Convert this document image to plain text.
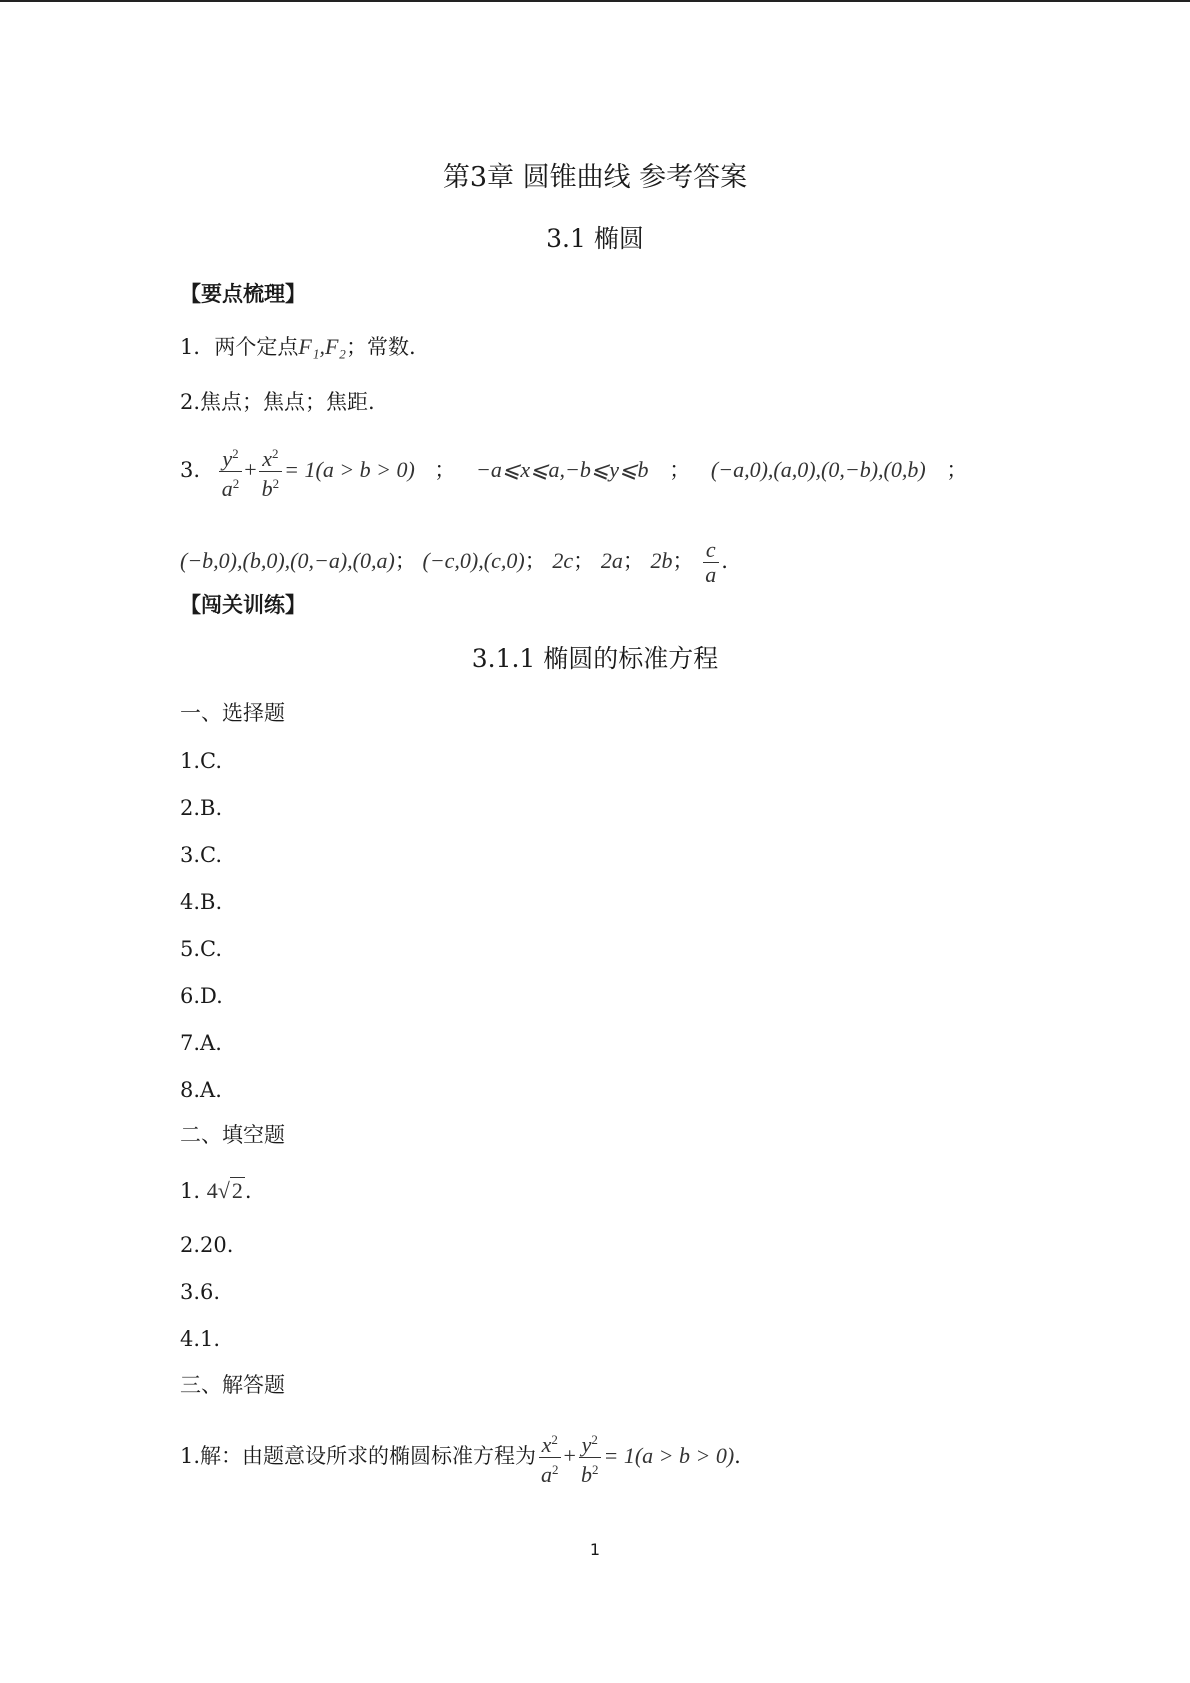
第3章 圆锥曲线 参考答案
3.1 椭圆
【要点梳理】
1．两个定点F₁,F₂；常数.
2.焦点；焦点；焦距.
3. $\frac{y^2}{a^2} + \frac{x^2}{b^2} = 1(a > b > 0)$ ； −a⩽x⩽a,−b⩽y⩽b ； (−a,0),(a,0),(0,−b),(0,b) ；
(−b,0),(b,0),(0,−a),(0,a)； (−c,0),(c,0)； 2c； 2a； 2b； $\frac{c}{a}$ .
【闯关训练】
3.1.1 椭圆的标准方程
一、选择题
1.C.
2.B.
3.C.
4.B.
5.C.
6.D.
7.A.
8.A.
二、填空题
1. 4√2.
2.20.
3.6.
4.1.
三、解答题
1.解：由题意设所求的椭圆标准方程为 $\frac{x^2}{a^2} + \frac{y^2}{b^2} = 1(a > b > 0)$.
1
